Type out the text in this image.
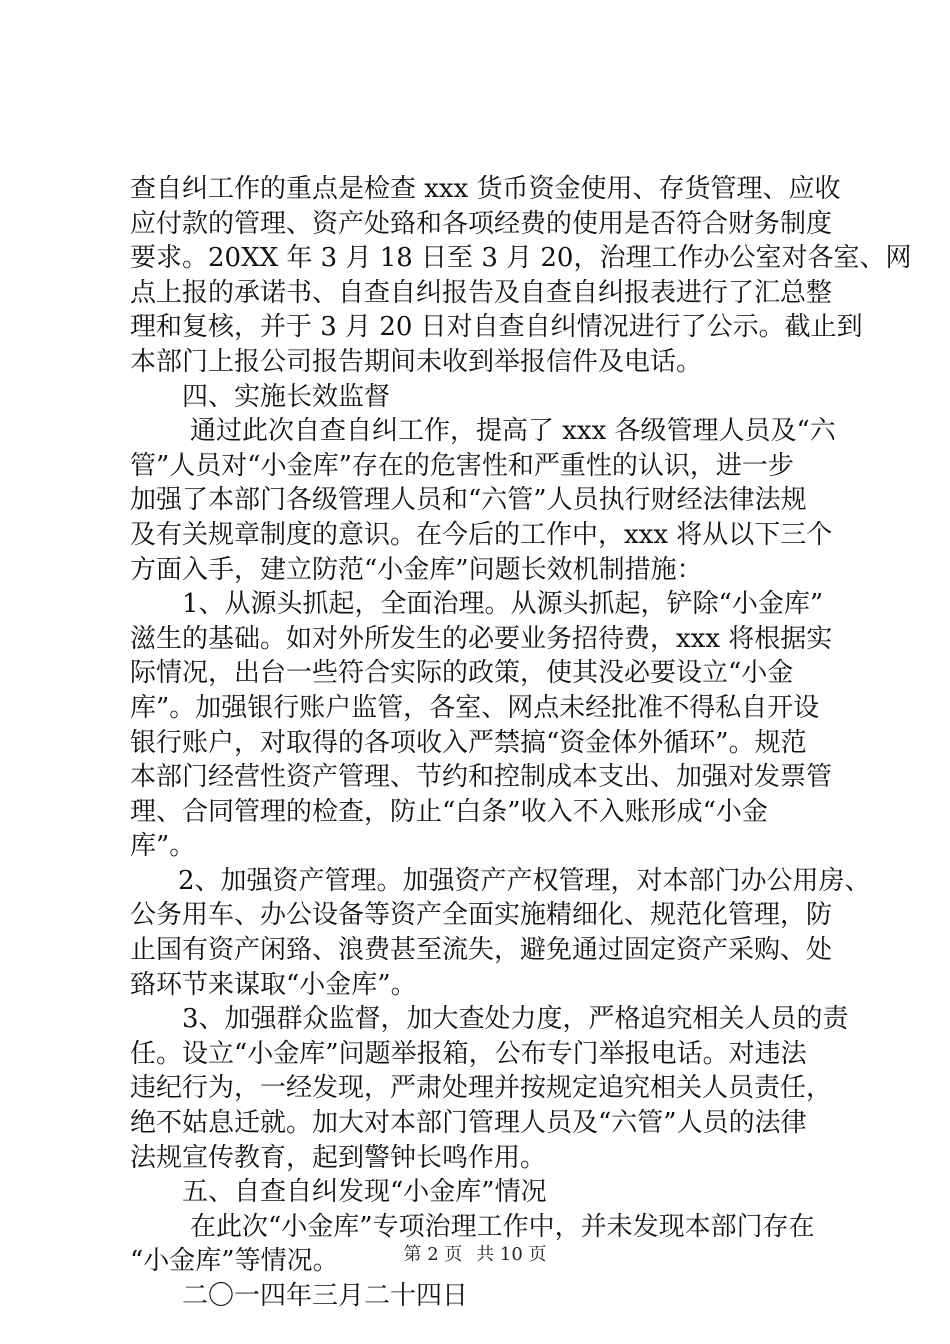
查自纠工作的重点是检查 xxx 货币资金使用、存货管理、应收
应付款的管理、资产处臵和各项经费的使用是否符合财务制度
要求。20XX 年 3 月 18 日至 3 月 20，治理工作办公室对各室、网
点上报的承诺书、自查自纠报告及自查自纠报表进行了汇总整
理和复核，并于 3 月 20 日对自查自纠情况进行了公示。截止到
本部门上报公司报告期间未收到举报信件及电话。
四、实施长效监督
通过此次自查自纠工作，提高了 xxx 各级管理人员及“六
管”人员对“小金库”存在的危害性和严重性的认识，进一步
加强了本部门各级管理人员和“六管”人员执行财经法律法规
及有关规章制度的意识。在今后的工作中，xxx 将从以下三个
方面入手，建立防范“小金库”问题长效机制措施：
1、从源头抓起，全面治理。从源头抓起，铲除“小金库”
滋生的基础。如对外所发生的必要业务招待费，xxx 将根据实
际情况，出台一些符合实际的政策，使其没必要设立“小金
库”。加强银行账户监管，各室、网点未经批准不得私自开设
银行账户，对取得的各项收入严禁搞“资金体外循环”。规范
本部门经营性资产管理、节约和控制成本支出、加强对发票管
理、合同管理的检查，防止“白条”收入不入账形成“小金
库”。
2、加强资产管理。加强资产产权管理，对本部门办公用房、
公务用车、办公设备等资产全面实施精细化、规范化管理，防
止国有资产闲臵、浪费甚至流失，避免通过固定资产采购、处
臵环节来谋取“小金库”。
3、加强群众监督，加大查处力度，严格追究相关人员的责
任。设立“小金库”问题举报箱，公布专门举报电话。对违法
违纪行为，一经发现，严肃处理并按规定追究相关人员责任，
绝不姑息迁就。加大对本部门管理人员及“六管”人员的法律
法规宣传教育，起到警钟长鸣作用。
五、自查自纠发现“小金库”情况
在此次“小金库”专项治理工作中，并未发现本部门存在
“小金库”等情况。
二〇一四年三月二十四日
第 2 页 共 10 页
